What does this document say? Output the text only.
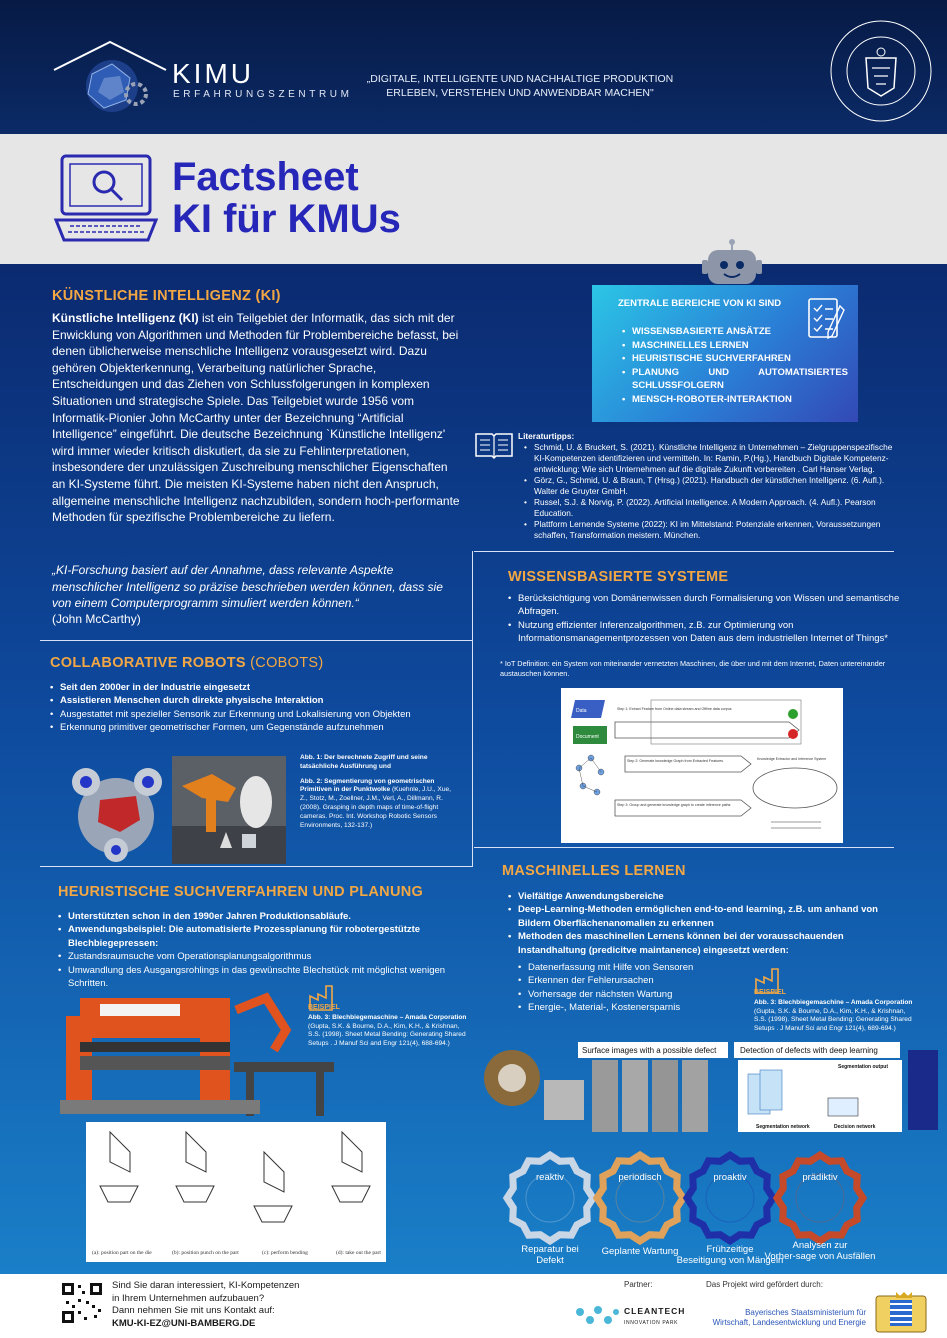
KIMU
ERFAHRUNGSZENTRUM
„DIGITALE, INTELLIGENTE UND NACHHALTIGE PRODUKTION ERLEBEN, VERSTEHEN UND ANWENDBAR MACHEN"
Factsheet
KI für KMUs
KÜNSTLICHE INTELLIGENZ (KI)
Künstliche Intelligenz (KI) ist ein Teilgebiet der Informatik, das sich mit der Enwicklung von Algorithmen und Methoden für Problembereiche befasst, bei denen üblicherweise menschliche Intelligenz vorausgesetzt wird. Dazu gehören Objekterkennung, Verarbeitung natürlicher Sprache, Entscheidungen und das Ziehen von Schlussfolgerungen in komplexen Situationen und strategische Spiele. Das Teilgebiet wurde 1956 vom Informatik-Pionier John McCarthy unter der Bezeichnung “Artificial Intelligence” eingeführt. Die deutsche Bezeichnung `Künstliche Intelligenz' wird immer wieder kritisch diskutiert, da sie zu Fehlinterpretationen, insbesondere der unzulässigen Zuschreibung menschlicher Eigenschaften an KI-Systeme führt. Die meisten KI-Systeme haben nicht den Anspruch, allgemeine menschliche Intelligenz nachzubilden, sondern hoch-performante Methoden für spezifische Problembereiche zu liefern.
„KI-Forschung basiert auf der Annahme, dass relevante Aspekte menschlicher Intelligenz so präzise beschrieben werden können, dass sie von einem Computerprogramm simuliert werden können.“
(John McCarthy)
ZENTRALE BEREICHE VON KI SIND
• WISSENSBASIERTE ANSÄTZE
• MASCHINELLES LERNEN
• HEURISTISCHE SUCHVERFAHREN
• PLANUNG UND AUTOMATISIERTES SCHLUSSFOLGERN
• MENSCH-ROBOTER-INTERAKTION
Literaturtipps:
• Schmid, U. & Bruckert, S. (2021). Künstliche Intelligenz in Unternehmen – Zielgruppenspezifische KI-Kompetenzen identifizieren und vermitteln. In: Ramin, P.(Hg.), Handbuch Digitale Kompetenz-entwicklung: Wie sich Unternehmen auf die digitale Zukunft vorbereiten . Carl Hanser Verlag.
• Görz, G., Schmid, U. & Braun, T (Hrsg.) (2021). Handbuch der künstlichen Intelligenz. (6. Aufl.). Walter de Gruyter GmbH.
• Russel, S.J. & Norvig, P. (2022). Artificial Intelligence. A Modern Approach. (4. Aufl.). Pearson Education.
• Plattform Lernende Systeme (2022): KI im Mittelstand: Potenziale erkennen, Voraussetzungen schaffen, Transformation meistern. München.
WISSENSBASIERTE SYSTEME
• Berücksichtigung von Domänenwissen durch Formalisierung von Wissen und semantische Abfragen.
• Nutzung effizienter Inferenzalgorithmen, z.B. zur Optimierung von Informationsmanagementprozessen von Daten aus dem industriellen Internet of Things*
* IoT Definition: ein System von miteinander vernetzten Maschinen, die über und mit dem Internet, Daten untereinander austauschen können.
Data
Document
Step 1: Extract Feature from Online data stream and Offline data corpus
Step 2: Generate knowledge Graph from Extracted Features	Knowledge Extractor and Inference System
Step 3: Group and generate knowledge graph to create inference paths
COLLABORATIVE ROBOTS (COBOTS)
• Seit den 2000er in der Industrie eingesetzt
• Assistieren Menschen durch direkte physische Interaktion
• Ausgestattet mit spezieller Sensorik zur Erkennung und Lokalisierung von Objekten
• Erkennung primitiver geometrischer Formen, um Gegenstände aufzunehmen
Abb. 1: Der berechnete Zugriff und seine tatsächliche Ausführung und
Abb. 2: Segmentierung von geometrischen Primitiven in der Punktwolke (Kuehnle, J.U., Xue, Z., Stotz, M., Zoellner, J.M., Verl, A., Dillmann, R. (2008). Grasping in depth maps of time-of-flight cameras. Proc. Int. Workshop Robotic Sensors Environments, 132-137.)
HEURISTISCHE SUCHVERFAHREN UND PLANUNG
• Unterstützten schon in den 1990er Jahren Produktionsabläufe.
• Anwendungsbeispiel: Die automatisierte Prozessplanung für robotergestützte Blechbiegepressen:
• Zustandsraumsuche vom Operationsplanungsalgorithmus
• Umwandlung des Ausgangsrohlings in das gewünschte Blechstück mit möglichst wenigen Schritten.
(a): position part on the die	(b): position punch on the part	(c): perform bending	(d): take out the part
BEISPIEL
Abb. 3: Blechbiegemaschine – Amada Corporation (Gupta, S.K. & Bourne, D.A., Kim, K.H., & Krishnan, S.S. (1998). Sheet Metal Bending: Generating Shared Setups . J Manuf Sci and Engr 121(4), 688-694.)
MASCHINELLES LERNEN
• Vielfältige Anwendungsbereiche
• Deep-Learning-Methoden ermöglichen end-to-end learning, z.B. um anhand von Bildern Oberflächenanomalien zu erkennen
• Methoden des maschinellen Lernens können bei der vorausschauenden Instandhaltung (predicitve maintanence) eingesetzt werden:
• Datenerfassung mit Hilfe von Sensoren
• Erkennen der Fehlerursachen
• Vorhersage der nächsten Wartung
• Energie-, Material-, Kostenersparnis
BEISPIEL
Abb. 3: Blechbiegemaschine – Amada Corporation (Gupta, S.K. & Bourne, D.A., Kim, K.H., & Krishnan, S.S. (1998). Sheet Metal Bending: Generating Shared Setups . J Manuf Sci and Engr 121(4), 689-694.)
Surface images with a possible defect	Detection of defects with deep learning
Segmentation output
Segmentation network	Decision network
reaktiv
Reparatur bei
Defekt
periodisch
Geplante Wartung
proaktiv
Frühzeitige
Beseitigung von Mängeln
prädiktiv
Analysen zur
Vorher-sage von Ausfällen
Sind Sie daran interessiert, KI-Kompetenzen
in Ihrem Unternehmen aufzubauen?
Dann nehmen Sie mit uns Kontakt auf:
KMU-KI-EZ@UNI-BAMBERG.DE
Partner:	Das Projekt wird gefördert durch:
CLEANTECH
INNOVATION PARK
Bayerisches Staatsministerium für Wirtschaft, Landesentwicklung und Energie
